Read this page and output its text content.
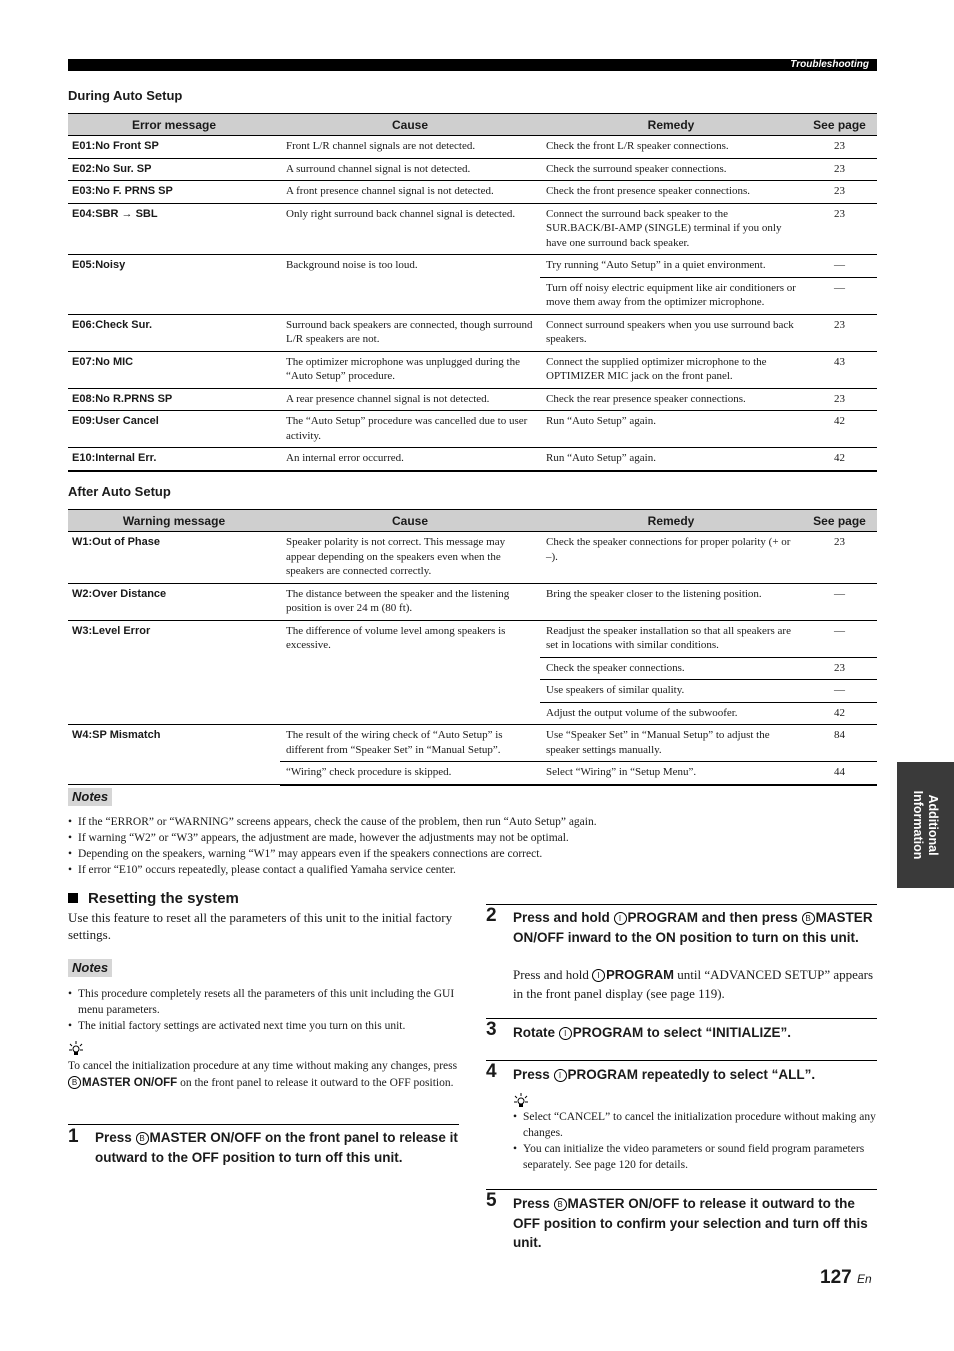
Troubleshooting
During Auto Setup
Error message	Cause	Remedy	See page
E01:No Front SP	Front L/R channel signals are not detected.	Check the front L/R speaker connections.	23
E02:No Sur. SP	A surround channel signal is not detected.	Check the surround speaker connections.	23
E03:No F. PRNS SP	A front presence channel signal is not detected.	Check the front presence speaker connections.	23
E04:SBR → SBL	Only right surround back channel signal is detected.	Connect the surround back speaker to the SUR.BACK/BI-AMP (SINGLE) terminal if you only have one surround back speaker.	23
E05:Noisy	Background noise is too loud.	Try running “Auto Setup” in a quiet environment.	—
		Turn off noisy electric equipment like air conditioners or move them away from the optimizer microphone.	—
E06:Check Sur.	Surround back speakers are connected, though surround L/R speakers are not.	Connect surround speakers when you use surround back speakers.	23
E07:No MIC	The optimizer microphone was unplugged during the “Auto Setup” procedure.	Connect the supplied optimizer microphone to the OPTIMIZER MIC jack on the front panel.	43
E08:No R.PRNS SP	A rear presence channel signal is not detected.	Check the rear presence speaker connections.	23
E09:User Cancel	The “Auto Setup” procedure was cancelled due to user activity.	Run “Auto Setup” again.	42
E10:Internal Err.	An internal error occurred.	Run “Auto Setup” again.	42
After Auto Setup
Warning message	Cause	Remedy	See page
W1:Out of Phase	Speaker polarity is not correct. This message may appear depending on the speakers even when the speakers are connected correctly.	Check the speaker connections for proper polarity (+ or –).	23
W2:Over Distance	The distance between the speaker and the listening position is over 24 m (80 ft).	Bring the speaker closer to the listening position.	—
W3:Level Error	The difference of volume level among speakers is excessive.	Readjust the speaker installation so that all speakers are set in locations with similar conditions.	—
		Check the speaker connections.	23
		Use speakers of similar quality.	—
		Adjust the output volume of the subwoofer.	42
W4:SP Mismatch	The result of the wiring check of “Auto Setup” is different from “Speaker Set” in “Manual Setup”.	Use “Speaker Set” in “Manual Setup” to adjust the speaker settings manually.	84
	“Wiring” check procedure is skipped.	Select “Wiring” in “Setup Menu”.	44
Notes
• If the “ERROR” or “WARNING” screens appears, check the cause of the problem, then run “Auto Setup” again.
• If warning “W2” or “W3” appears, the adjustment are made, however the adjustments may not be optimal.
• Depending on the speakers, warning “W1” may appears even if the speakers connections are correct.
• If error “E10” occurs repeatedly, please contact a qualified Yamaha service center.
Resetting the system
Use this feature to reset all the parameters of this unit to the initial factory settings.
Notes
• This procedure completely resets all the parameters of this unit including the GUI menu parameters.
• The initial factory settings are activated next time you turn on this unit.
To cancel the initialization procedure at any time without making any changes, press B MASTER ON/OFF on the front panel to release it outward to the OFF position.
1 Press B MASTER ON/OFF on the front panel to release it outward to the OFF position to turn off this unit.
2 Press and hold I PROGRAM and then press B MASTER ON/OFF inward to the ON position to turn on this unit.
Press and hold I PROGRAM until “ADVANCED SETUP” appears in the front panel display (see page 119).
3 Rotate I PROGRAM to select “INITIALIZE”.
4 Press I PROGRAM repeatedly to select “ALL”.
• Select “CANCEL” to cancel the initialization procedure without making any changes.
• You can initialize the video parameters or sound field program parameters separately. See page 120 for details.
5 Press B MASTER ON/OFF to release it outward to the OFF position to confirm your selection and turn off this unit.
Additional
Information
127 En
